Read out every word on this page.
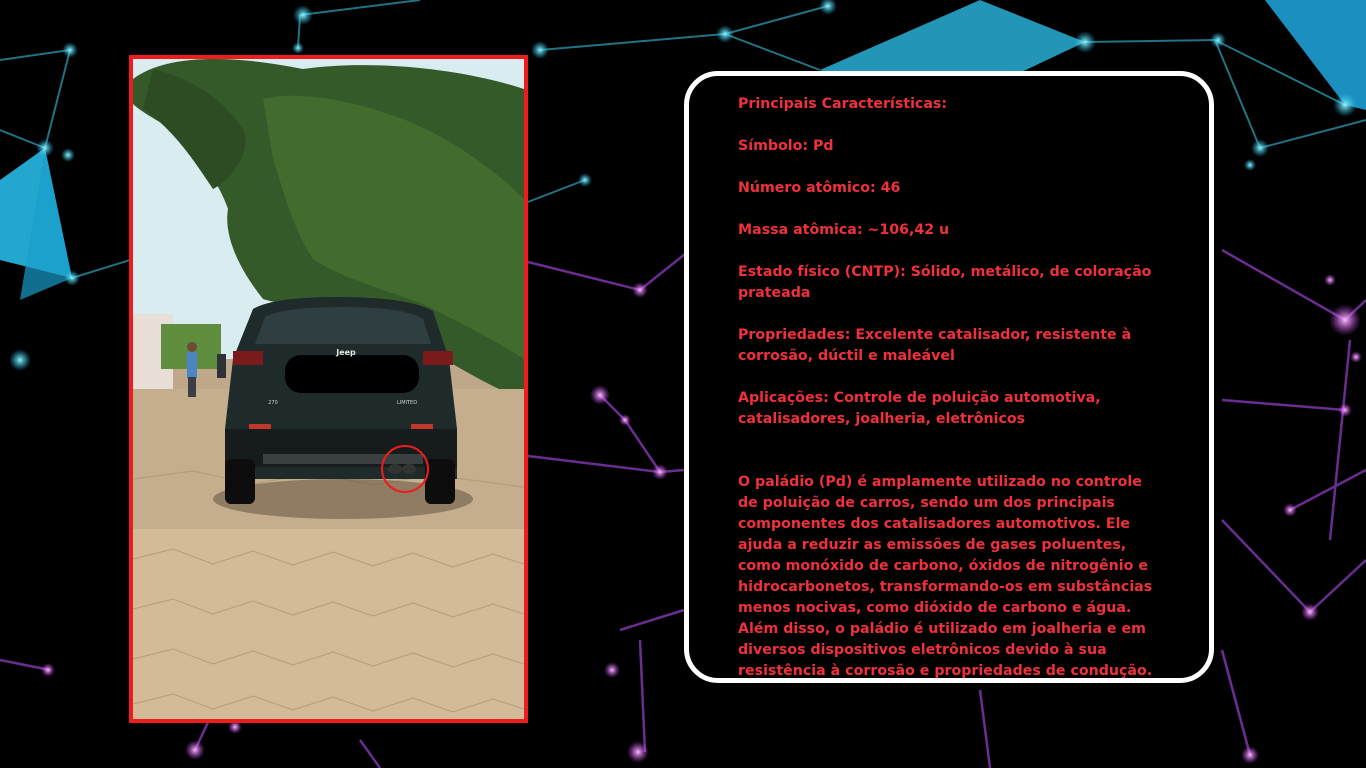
Jeep
270	LIMITED

Principais Características:

Símbolo: Pd

Número atômico: 46

Massa atômica: ~106,42 u

Estado físico (CNTP): Sólido, metálico, de coloração prateada

Propriedades: Excelente catalisador, resistente à corrosão, dúctil e maleável

Aplicações: Controle de poluição automotiva, catalisadores, joalheria, eletrônicos

O paládio (Pd) é amplamente utilizado no controle de poluição de carros, sendo um dos principais componentes dos catalisadores automotivos. Ele ajuda a reduzir as emissões de gases poluentes, como monóxido de carbono, óxidos de nitrogênio e hidrocarbonetos, transformando-os em substâncias menos nocivas, como dióxido de carbono e água. Além disso, o paládio é utilizado em joalheria e em diversos dispositivos eletrônicos devido à sua resistência à corrosão e propriedades de condução.
